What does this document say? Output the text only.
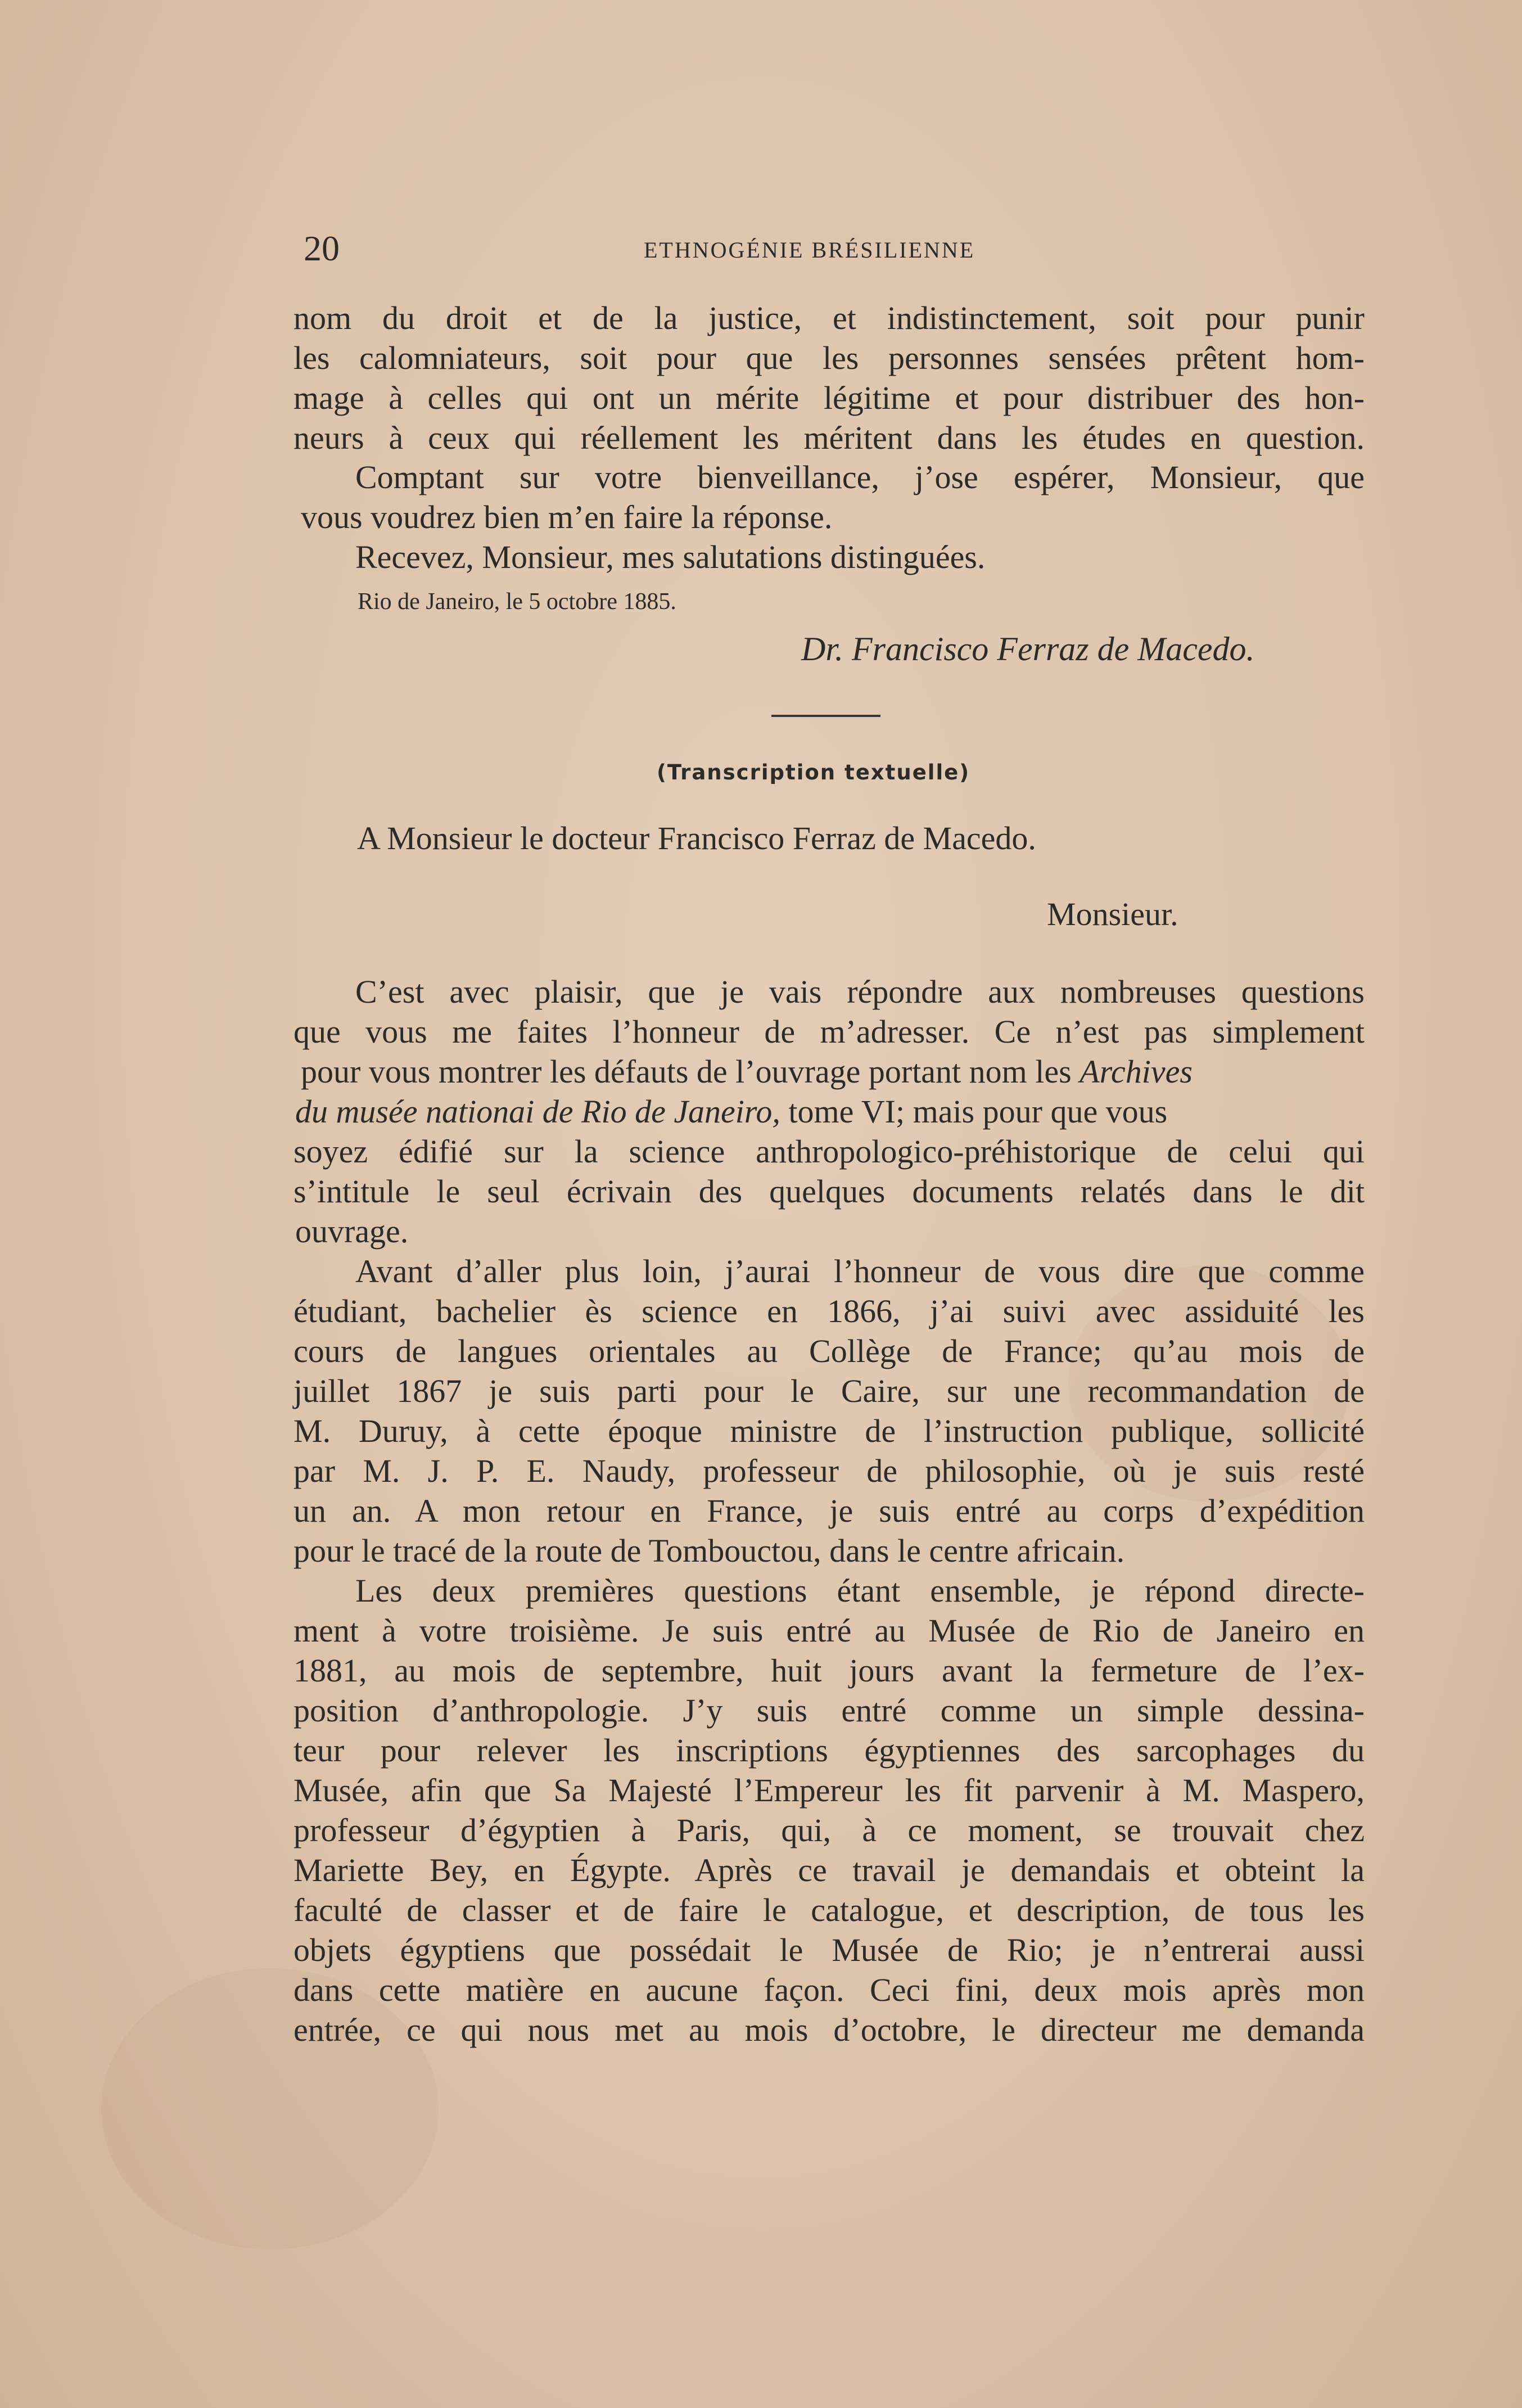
20	ETHNOGÉNIE BRÉSILIENNE
nom du droit et de la justice, et indistinctement, soit pour punir
les calomniateurs, soit pour que les personnes sensées prêtent hom-
mage à celles qui ont un mérite légitime et pour distribuer des hon-
neurs à ceux qui réellement les méritent dans les études en question.
Comptant sur votre bienveillance, j’ose espérer, Monsieur, que
vous voudrez bien m’en faire la réponse.
Recevez, Monsieur, mes salutations distinguées.
Rio de Janeiro, le 5 octobre 1885.
Dr. Francisco Ferraz de Macedo.
(Transcription textuelle)
A Monsieur le docteur Francisco Ferraz de Macedo.
Monsieur.
C’est avec plaisir, que je vais répondre aux nombreuses questions
que vous me faites l’honneur de m’adresser. Ce n’est pas simplement
pour vous montrer les défauts de l’ouvrage portant nom les Archives
du musée nationai de Rio de Janeiro, tome VI; mais pour que vous
soyez édifié sur la science anthropologico-préhistorique de celui qui
s’intitule le seul écrivain des quelques documents relatés dans le dit
ouvrage.
Avant d’aller plus loin, j’aurai l’honneur de vous dire que comme
étudiant, bachelier ès science en 1866, j’ai suivi avec assiduité les
cours de langues orientales au Collège de France; qu’au mois de
juillet 1867 je suis parti pour le Caire, sur une recommandation de
M. Duruy, à cette époque ministre de l’instruction publique, sollicité
par M. J. P. E. Naudy, professeur de philosophie, où je suis resté
un an. A mon retour en France, je suis entré au corps d’expédition
pour le tracé de la route de Tombouctou, dans le centre africain.
Les deux premières questions étant ensemble, je répond directe-
ment à votre troisième. Je suis entré au Musée de Rio de Janeiro en
1881, au mois de septembre, huit jours avant la fermeture de l’ex-
position d’anthropologie. J’y suis entré comme un simple dessina-
teur pour relever les inscriptions égyptiennes des sarcophages du
Musée, afin que Sa Majesté l’Empereur les fit parvenir à M. Maspero,
professeur d’égyptien à Paris, qui, à ce moment, se trouvait chez
Mariette Bey, en Égypte. Après ce travail je demandais et obteint la
faculté de classer et de faire le catalogue, et description, de tous les
objets égyptiens que possédait le Musée de Rio; je n’entrerai aussi
dans cette matière en aucune façon. Ceci fini, deux mois après mon
entrée, ce qui nous met au mois d’octobre, le directeur me demanda
